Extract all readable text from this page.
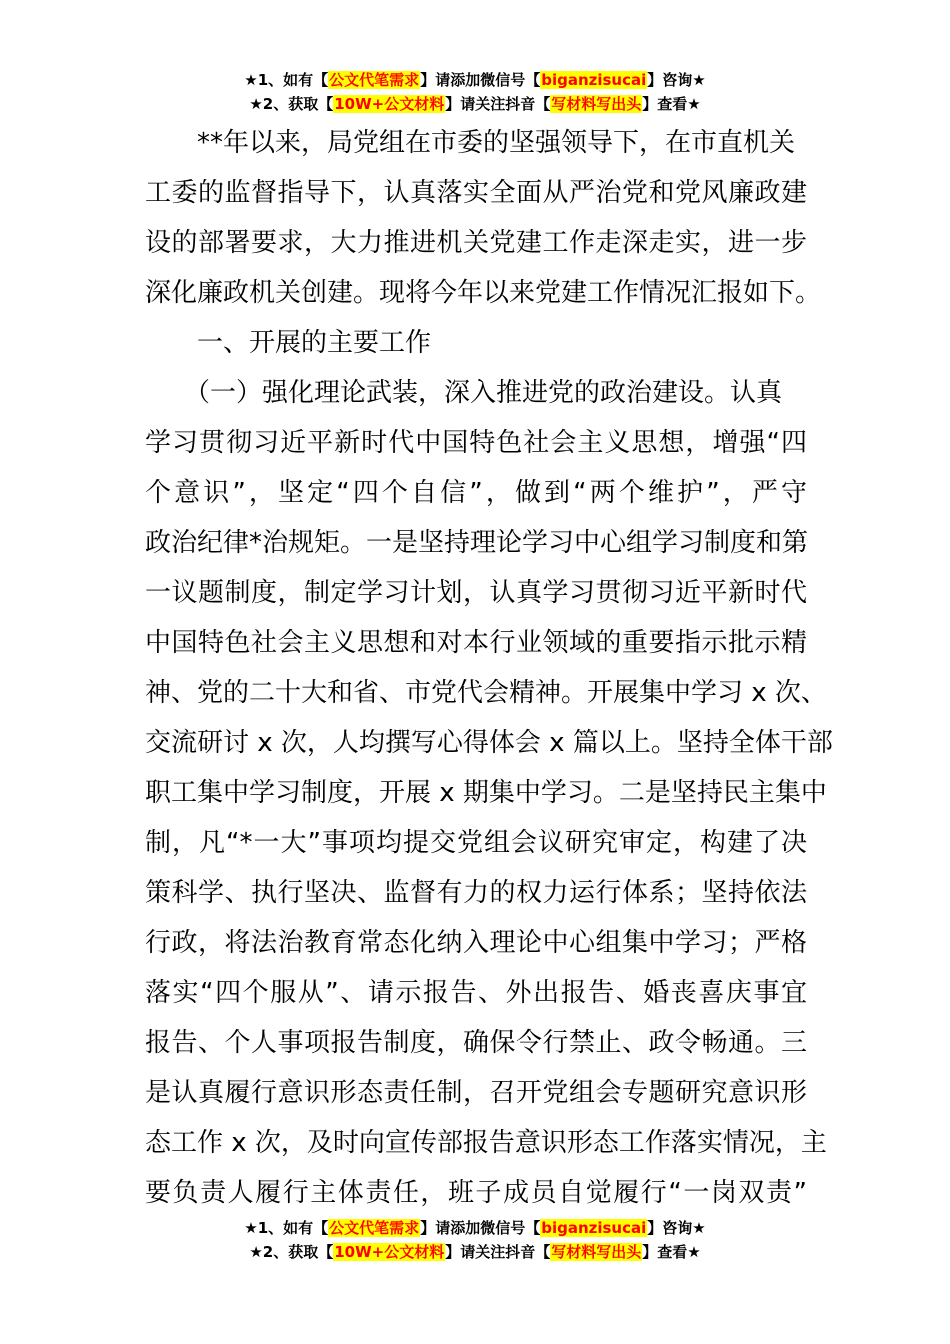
★1、如有【公文代笔需求】请添加微信号【biganzisucai】咨询★
★2、获取【10W+公文材料】请关注抖音【写材料写出头】查看★
　　**年以来，局党组在市委的坚强领导下，在市直机关
工委的监督指导下，认真落实全面从严治党和党风廉政建
设的部署要求，大力推进机关党建工作走深走实，进一步
深化廉政机关创建。现将今年以来党建工作情况汇报如下。
　　一、开展的主要工作
　　（一）强化理论武装，深入推进党的政治建设。认真
学习贯彻习近平新时代中国特色社会主义思想，增强“四
个意识”，坚定“四个自信”，做到“两个维护”，严守
政治纪律*治规矩。一是坚持理论学习中心组学习制度和第
一议题制度，制定学习计划，认真学习贯彻习近平新时代
中国特色社会主义思想和对本行业领域的重要指示批示精
神、党的二十大和省、市党代会精神。开展集中学习 x 次、
交流研讨 x 次，人均撰写心得体会 x 篇以上。坚持全体干部
职工集中学习制度，开展 x 期集中学习。二是坚持民主集中
制，凡“*一大”事项均提交党组会议研究审定，构建了决
策科学、执行坚决、监督有力的权力运行体系；坚持依法
行政，将法治教育常态化纳入理论中心组集中学习；严格
落实“四个服从”、请示报告、外出报告、婚丧喜庆事宜
报告、个人事项报告制度，确保令行禁止、政令畅通。三
是认真履行意识形态责任制，召开党组会专题研究意识形
态工作 x 次，及时向宣传部报告意识形态工作落实情况，主
要负责人履行主体责任，班子成员自觉履行“一岗双责”
★1、如有【公文代笔需求】请添加微信号【biganzisucai】咨询★
★2、获取【10W+公文材料】请关注抖音【写材料写出头】查看★
